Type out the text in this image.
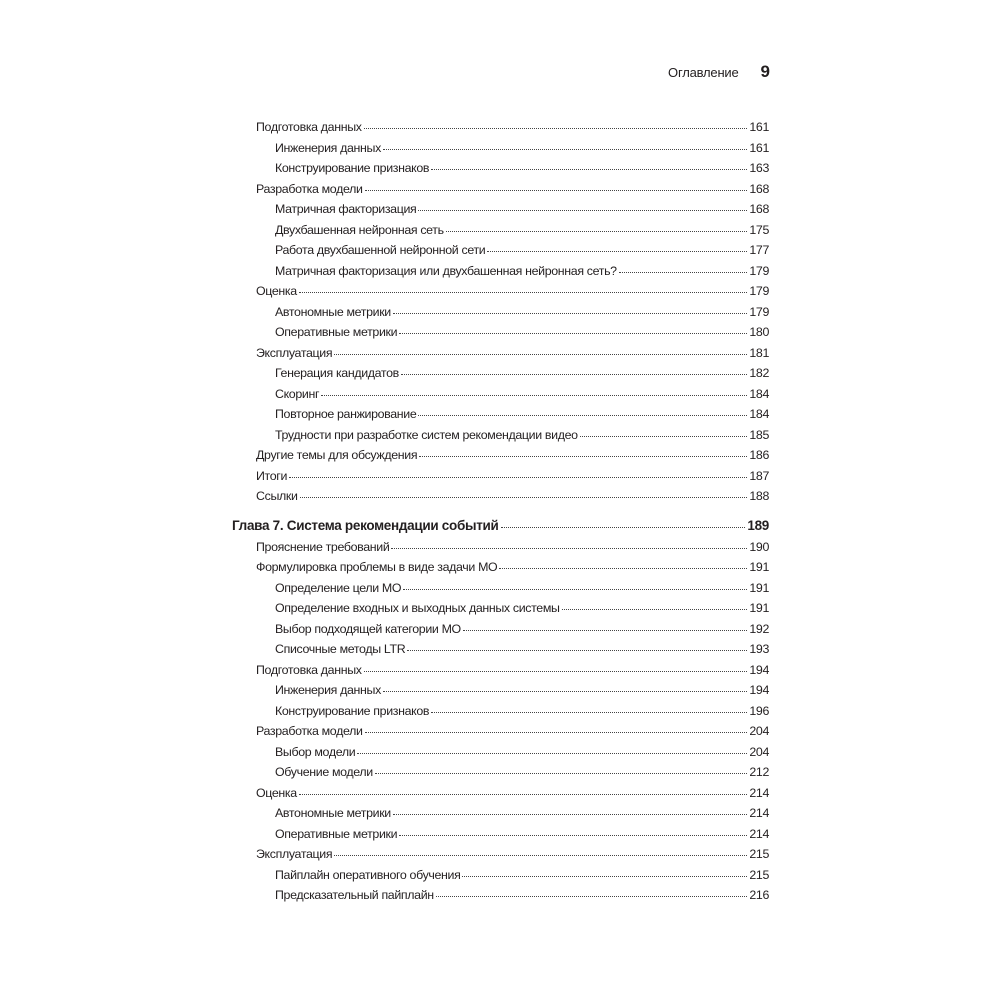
Оглавление 9
Подготовка данных	161
Инженерия данных	161
Конструирование признаков	163
Разработка модели	168
Матричная факторизация	168
Двухбашенная нейронная сеть	175
Работа двухбашенной нейронной сети	177
Матричная факторизация или двухбашенная нейронная сеть?	179
Оценка	179
Автономные метрики	179
Оперативные метрики	180
Эксплуатация	181
Генерация кандидатов	182
Скоринг	184
Повторное ранжирование	184
Трудности при разработке систем рекомендации видео	185
Другие темы для обсуждения	186
Итоги	187
Ссылки	188
Глава 7. Система рекомендации событий	189
Прояснение требований	190
Формулировка проблемы в виде задачи МО	191
Определение цели МО	191
Определение входных и выходных данных системы	191
Выбор подходящей категории МО	192
Списочные методы LTR	193
Подготовка данных	194
Инженерия данных	194
Конструирование признаков	196
Разработка модели	204
Выбор модели	204
Обучение модели	212
Оценка	214
Автономные метрики	214
Оперативные метрики	214
Эксплуатация	215
Пайплайн оперативного обучения	215
Предсказательный пайплайн	216
